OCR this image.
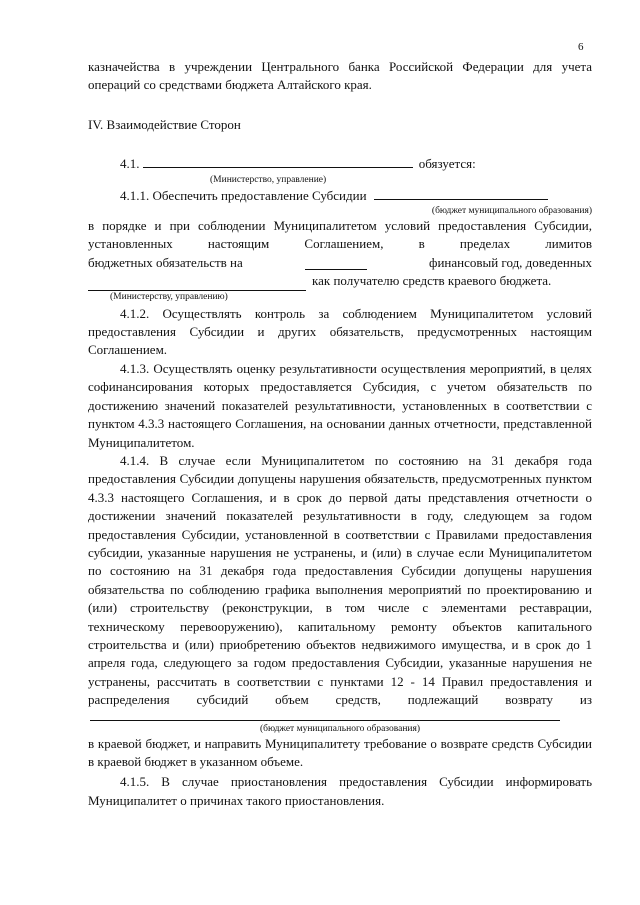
6

казначейства в учреждении Центрального банка Российской Федерации для учета операций со средствами бюджета Алтайского края.

IV. Взаимодействие Сторон

4.1.	обязуется:
(Министерство, управление)
4.1.1. Обеспечить предоставление Субсидии
(бюджет муниципального образования)

в порядке и при соблюдении Муниципалитетом условий предоставления Субсидии, установленных настоящим Соглашением, в пределах лимитов

бюджетных обязательств на	финансовый год, доведенных
как получателю средств краевого бюджета.
(Министерству, управлению)

4.1.2. Осуществлять контроль за соблюдением Муниципалитетом условий предоставления Субсидии и других обязательств, предусмотренных настоящим Соглашением.

4.1.3. Осуществлять оценку результативности осуществления мероприятий, в целях софинансирования которых предоставляется Субсидия, с учетом обязательств по достижению значений показателей результативности, установленных в соответствии с пунктом 4.3.3 настоящего Соглашения, на основании данных отчетности, представленной Муниципалитетом.

4.1.4. В случае если Муниципалитетом по состоянию на 31 декабря года предоставления Субсидии допущены нарушения обязательств, предусмотренных пунктом 4.3.3 настоящего Соглашения, и в срок до первой даты представления отчетности о достижении значений показателей результативности в году, следующем за годом предоставления Субсидии, установленной в соответствии с Правилами предоставления субсидии, указанные нарушения не устранены, и (или) в случае если Муниципалитетом по состоянию на 31 декабря года предоставления Субсидии допущены нарушения обязательства по соблюдению графика выполнения мероприятий по проектированию и (или) строительству (реконструкции, в том числе с элементами реставрации, техническому перевооружению), капитальному ремонту объектов капитального строительства и (или) приобретению объектов недвижимого имущества, и в срок до 1 апреля года, следующего за годом предоставления Субсидии, указанные нарушения не устранены, рассчитать в соответствии с пунктами 12 - 14 Правил предоставления и распределения субсидий объем средств, подлежащий возврату из

(бюджет муниципального образования)

в краевой бюджет, и направить Муниципалитету требование о возврате средств Субсидии в краевой бюджет в указанном объеме.

4.1.5. В случае приостановления предоставления Субсидии информировать Муниципалитет о причинах такого приостановления.
